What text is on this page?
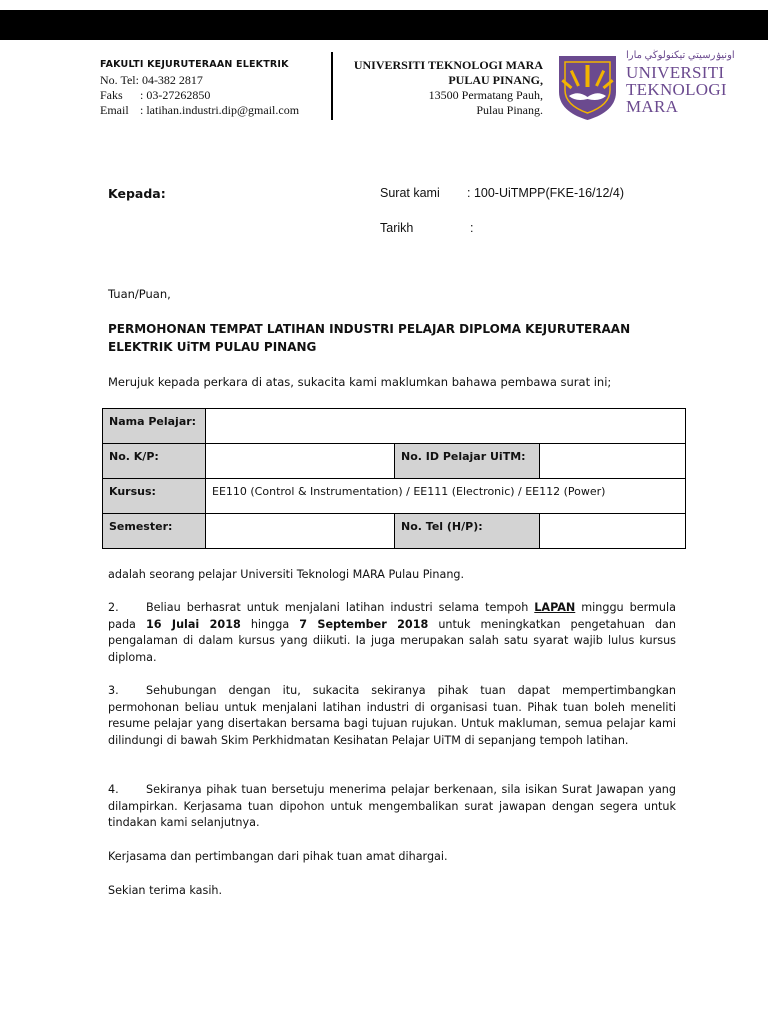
FAKULTI KEJURUTERAAN ELEKTRIK
No. Tel:
04-382 2817
Faks	: 03-27262850
Email : latihan.industri.dip@gmail.com
UNIVERSITI TEKNOLOGI MARA
PULAU PINANG,
13500 Permatang Pauh,
Pulau Pinang.
اونيۏرسيتي تيكنولوڬي مارا
UNIVERSITI
TEKNOLOGI
MARA
Kepada:	Surat kami : 100-UiTMPP(FKE-16/12/4)
Tarikh	:
Tuan/Puan,
PERMOHONAN TEMPAT LATIHAN INDUSTRI PELAJAR DIPLOMA KEJURUTERAAN ELEKTRIK UiTM PULAU PINANG
Merujuk kepada perkara di atas, sukacita kami maklumkan bahawa pembawa surat ini;
Nama Pelajar:			
No. K/P:		No. ID Pelajar UiTM:	
Kursus:	EE110 (Control & Instrumentation) / EE111 (Electronic) / EE112 (Power)		
Semester:		No. Tel (H/P):	
adalah seorang pelajar Universiti Teknologi MARA Pulau Pinang.
2. Beliau berhasrat untuk menjalani latihan industri selama tempoh LAPAN minggu bermula pada 16 Julai 2018 hingga 7 September 2018 untuk meningkatkan pengetahuan dan pengalaman di dalam kursus yang diikuti. Ia juga merupakan salah satu syarat wajib lulus kursus diploma.
3. Sehubungan dengan itu, sukacita sekiranya pihak tuan dapat mempertimbangkan permohonan beliau untuk menjalani latihan industri di organisasi tuan. Pihak tuan boleh meneliti resume pelajar yang disertakan bersama bagi tujuan rujukan. Untuk makluman, semua pelajar kami dilindungi di bawah Skim Perkhidmatan Kesihatan Pelajar UiTM di sepanjang tempoh latihan.
4. Sekiranya pihak tuan bersetuju menerima pelajar berkenaan, sila isikan Surat Jawapan yang dilampirkan. Kerjasama tuan dipohon untuk mengembalikan surat jawapan dengan segera untuk tindakan kami selanjutnya.
Kerjasama dan pertimbangan dari pihak tuan amat dihargai.
Sekian terima kasih.
